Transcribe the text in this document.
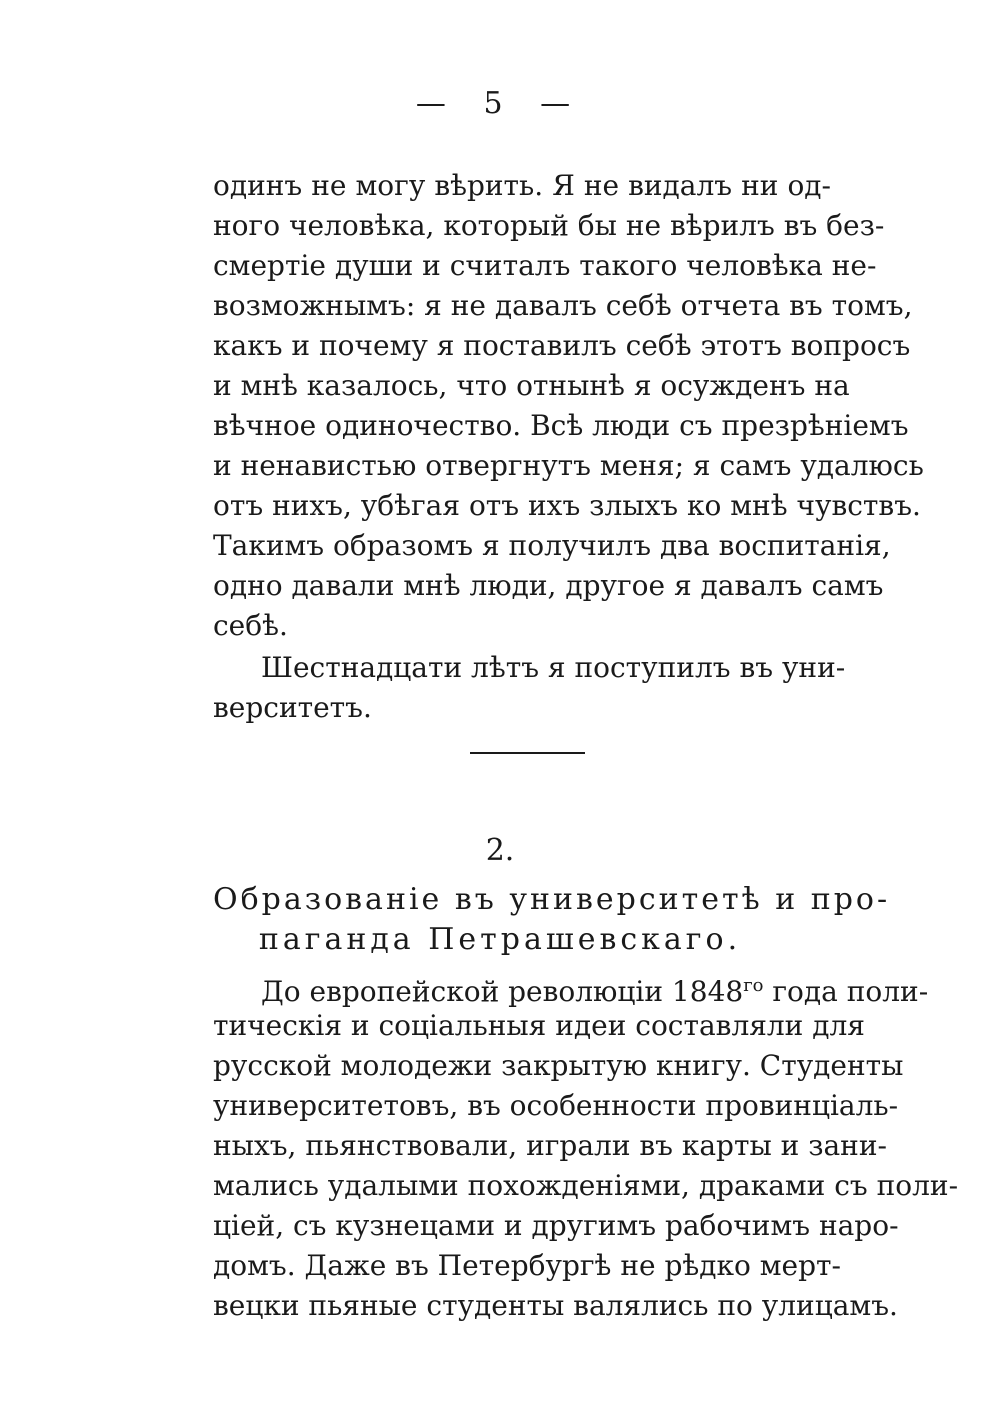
— 5 —
одинъ не могу вѣрить. Я не видалъ ни од-
ного человѣка, который бы не вѣрилъ въ без-
смертіе души и считалъ такого человѣка не-
возможнымъ: я не давалъ себѣ отчета въ томъ,
какъ и почему я поставилъ себѣ этотъ вопросъ
и мнѣ казалось, что отнынѣ я осужденъ на
вѣчное одиночество. Всѣ люди съ презрѣніемъ
и ненавистью отвергнутъ меня; я самъ удалюсь
отъ нихъ, убѣгая отъ ихъ злыхъ ко мнѣ чувствъ.
Такимъ образомъ я получилъ два воспитанія,
одно давали мнѣ люди, другое я давалъ самъ
себѣ.
Шестнадцати лѣтъ я поступилъ въ уни-
верситетъ.
2.
Образованіе въ университетѣ и про-
паганда Петрашевскаго.
До европейской революціи $1848^{го}$ года поли-
тическія и соціальныя идеи составляли для
русской молодежи закрытую книгу. Студенты
университетовъ, въ особенности провинціаль-
ныхъ, пьянствовали, играли въ карты и зани-
мались удалыми похожденіями, драками съ поли-
ціей, съ кузнецами и другимъ рабочимъ наро-
домъ. Даже въ Петербургѣ не рѣдко мерт-
вецки пьяные студенты валялись по улицамъ.
